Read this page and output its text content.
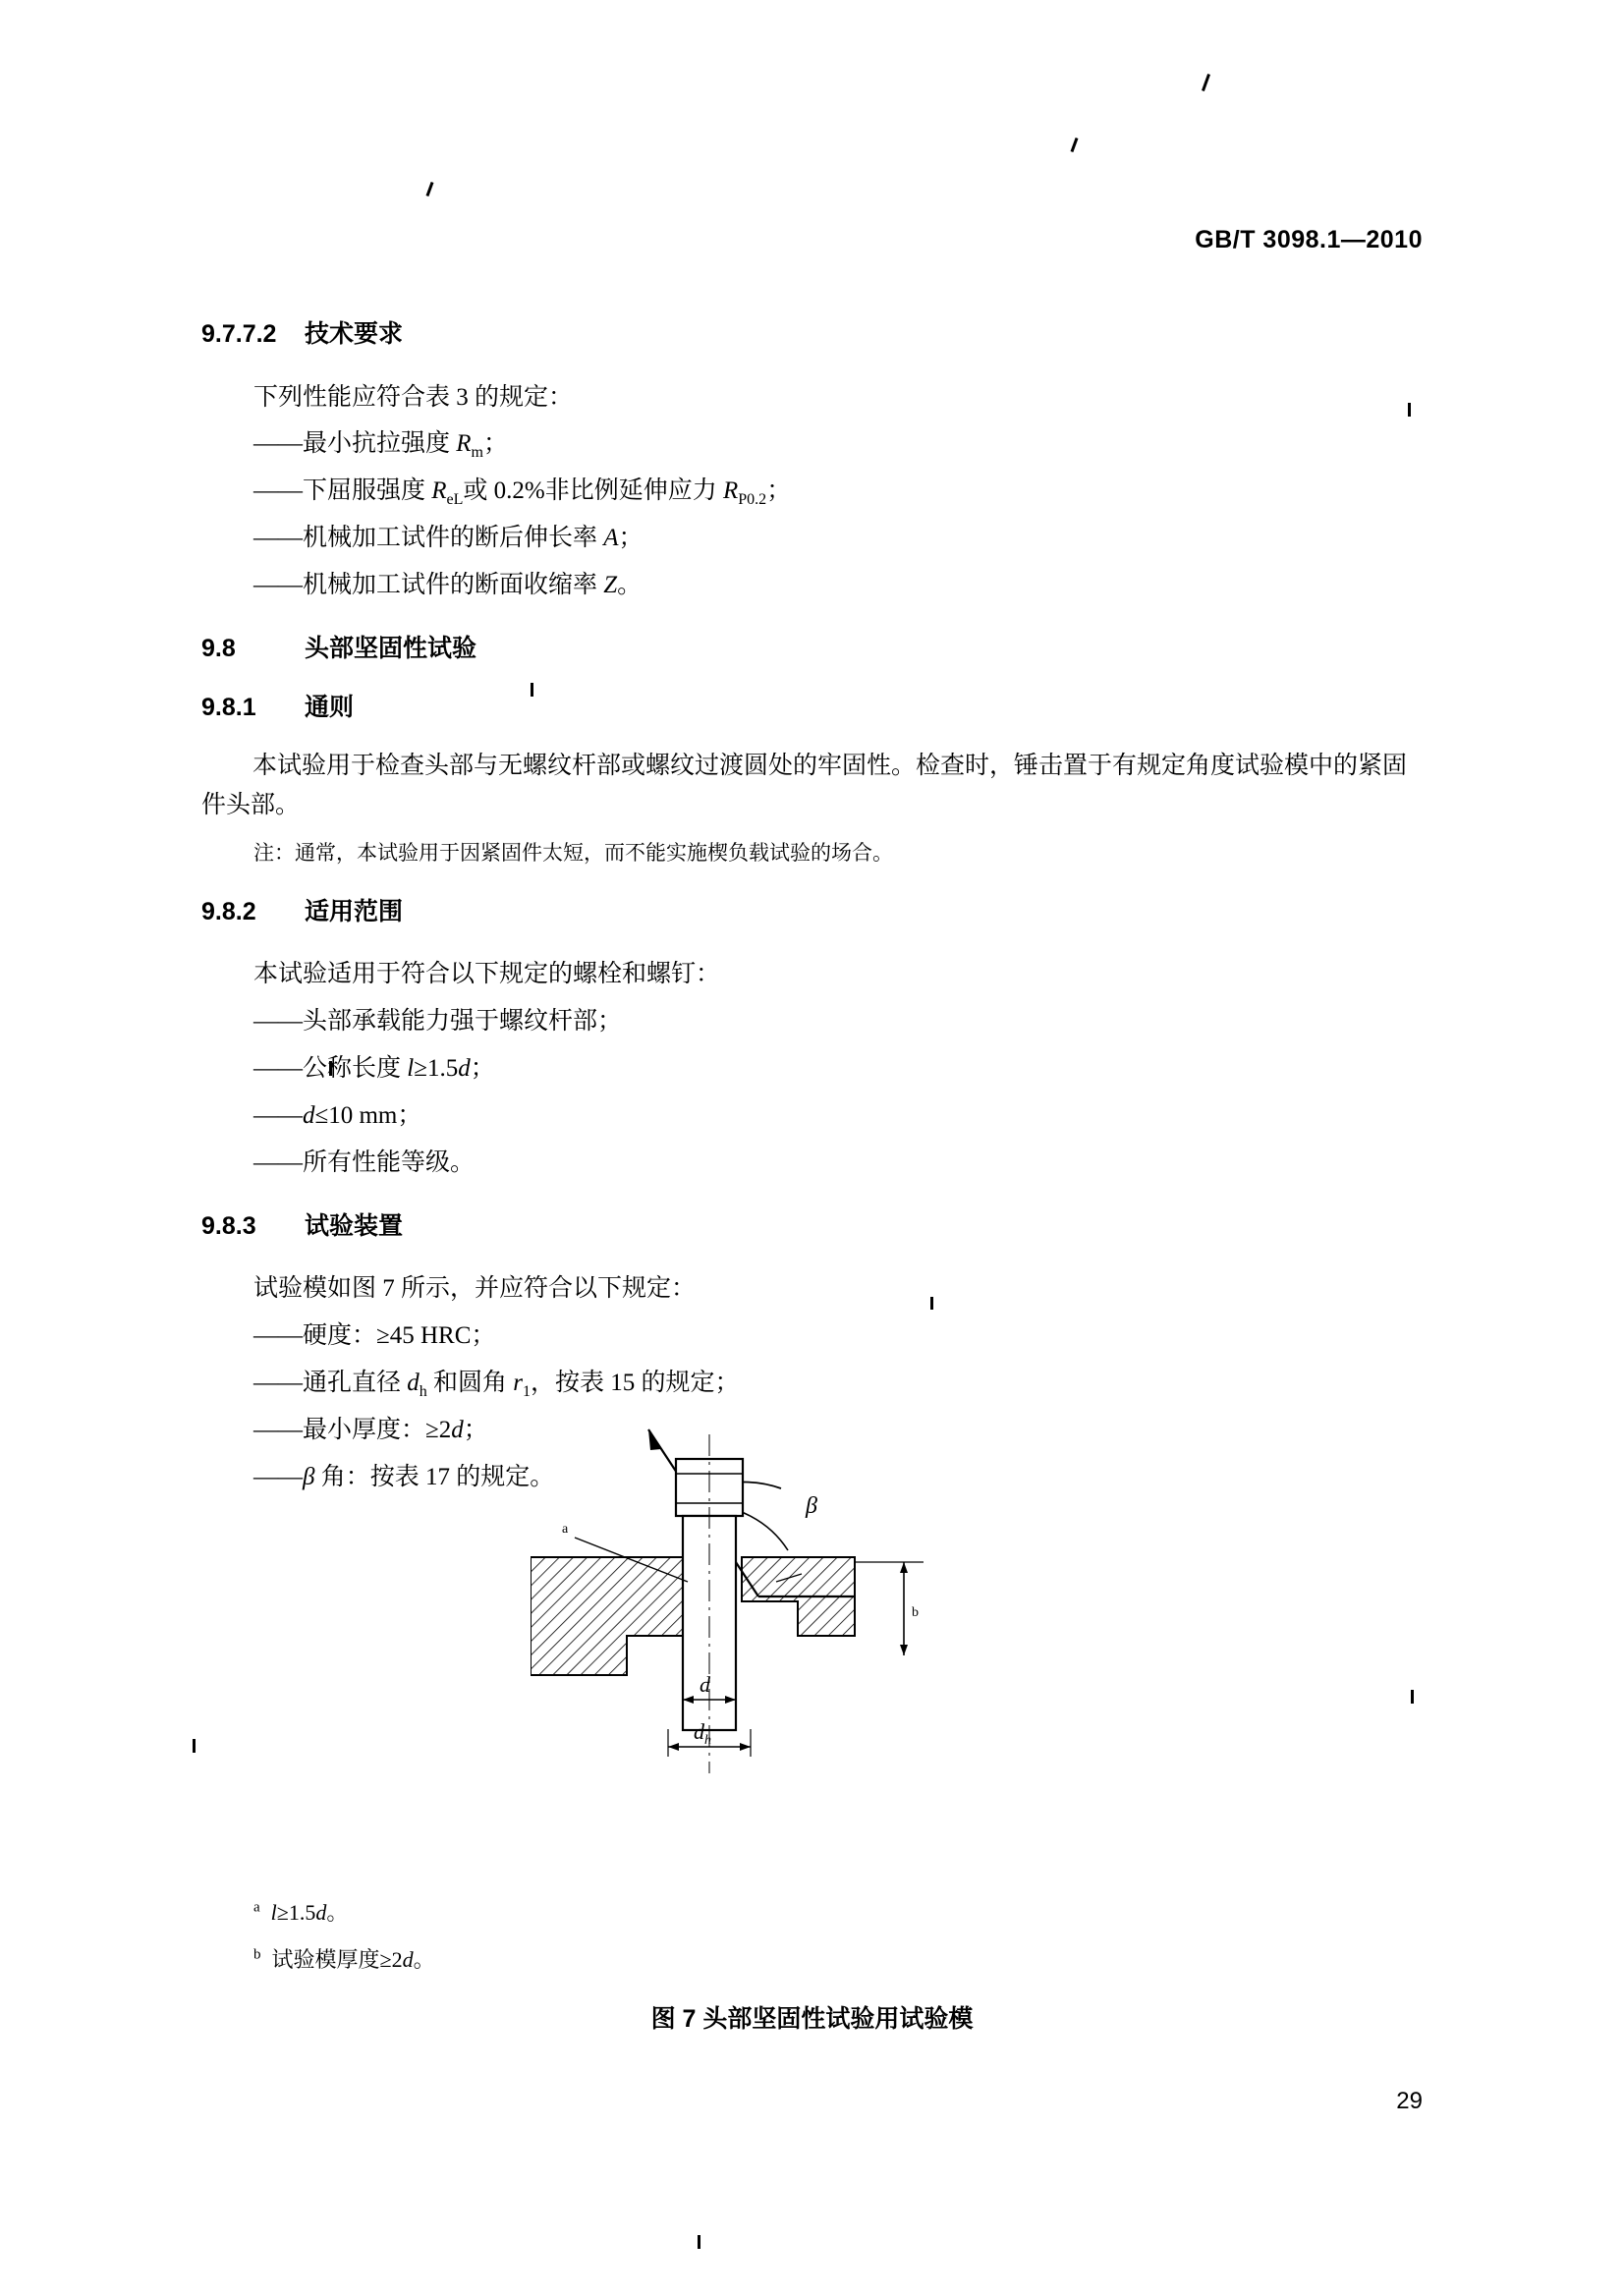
GB/T 3098.1—2010
9.7.7.2 技术要求
下列性能应符合表 3 的规定：
——最小抗拉强度 $R_m$；
——下屈服强度 $R_{eL}$或 0.2%非比例延伸应力 $R_{P0.2}$；
——机械加工试件的断后伸长率 A；
——机械加工试件的断面收缩率 Z。
9.8	头部坚固性试验
9.8.1 通则
本试验用于检查头部与无螺纹杆部或螺纹过渡圆处的牢固性。检查时，锤击置于有规定角度试验模中的紧固件头部。
注：通常，本试验用于因紧固件太短，而不能实施楔负载试验的场合。
9.8.2 适用范围
本试验适用于符合以下规定的螺栓和螺钉：
——头部承载能力强于螺纹杆部；
——公称长度 l≥1.5d；
——d≤10 mm；
——所有性能等级。
9.8.3 试验装置
试验模如图 7 所示，并应符合以下规定：
——硬度：≥45 HRC；
——通孔直径 $d_h$ 和圆角 $r_1$，按表 15 的规定；
——最小厚度：≥2d；
——β 角：按表 17 的规定。
β
a
d
$d_h$
b
$^a$ l≥1.5d。
$^b$  试验模厚度≥2d。
图 7 头部坚固性试验用试验模
29
